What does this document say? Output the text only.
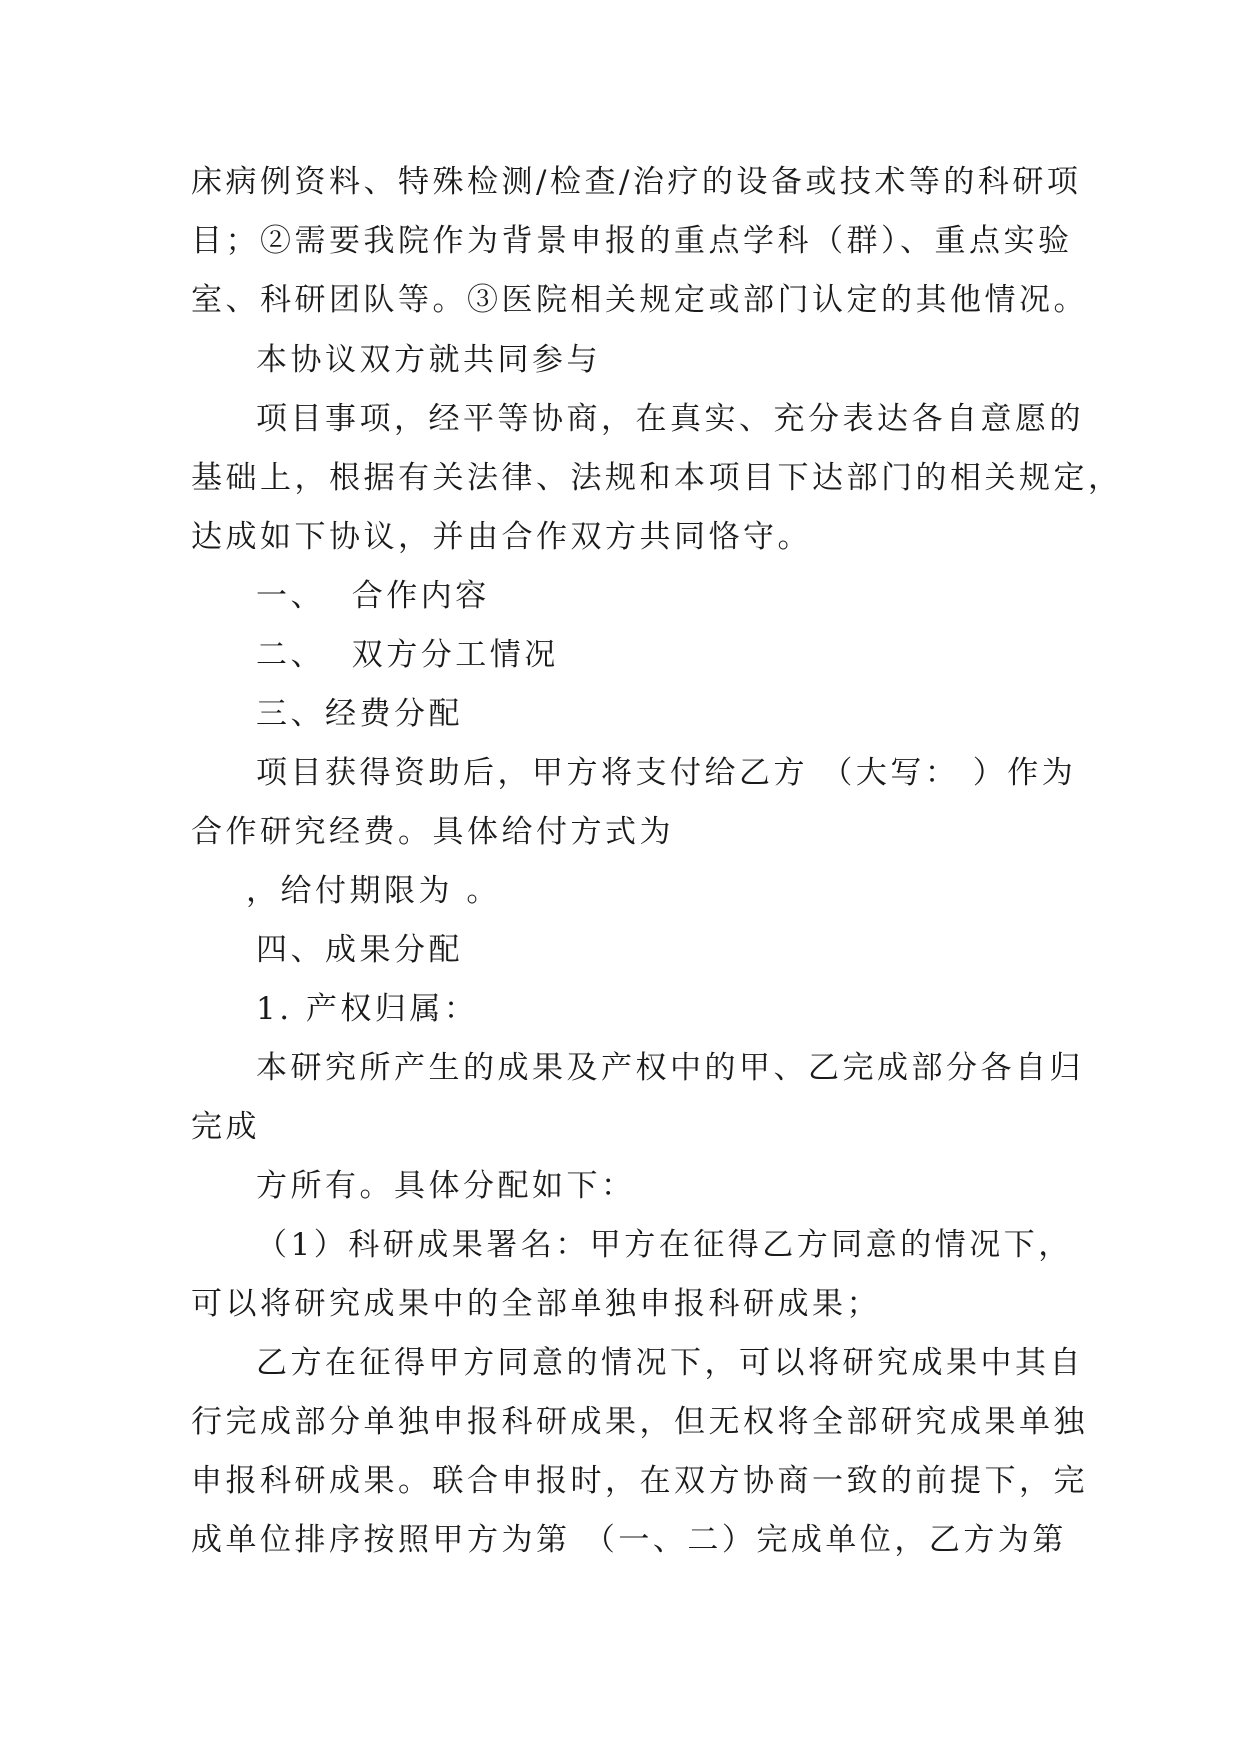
床病例资料、特殊检测/检查/治疗的设备或技术等的科研项

目；②需要我院作为背景申报的重点学科（群）、重点实验

室、科研团队等。③医院相关规定或部门认定的其他情况。

本协议双方就共同参与

项目事项，经平等协商，在真实、充分表达各自意愿的

基础上，根据有关法律、法规和本项目下达部门的相关规定，

达成如下协议，并由合作双方共同恪守。

一、  合作内容

二、  双方分工情况

三、经费分配

项目获得资助后，甲方将支付给乙方 （大写： ）作为

合作研究经费。具体给付方式为

，给付期限为 。

四、成果分配

1. 产权归属：

本研究所产生的成果及产权中的甲、乙完成部分各自归

完成

方所有。具体分配如下：

（1）科研成果署名：甲方在征得乙方同意的情况下，

可以将研究成果中的全部单独申报科研成果；

乙方在征得甲方同意的情况下，可以将研究成果中其自

行完成部分单独申报科研成果，但无权将全部研究成果单独

申报科研成果。联合申报时，在双方协商一致的前提下，完

成单位排序按照甲方为第 （一、二）完成单位，乙方为第
